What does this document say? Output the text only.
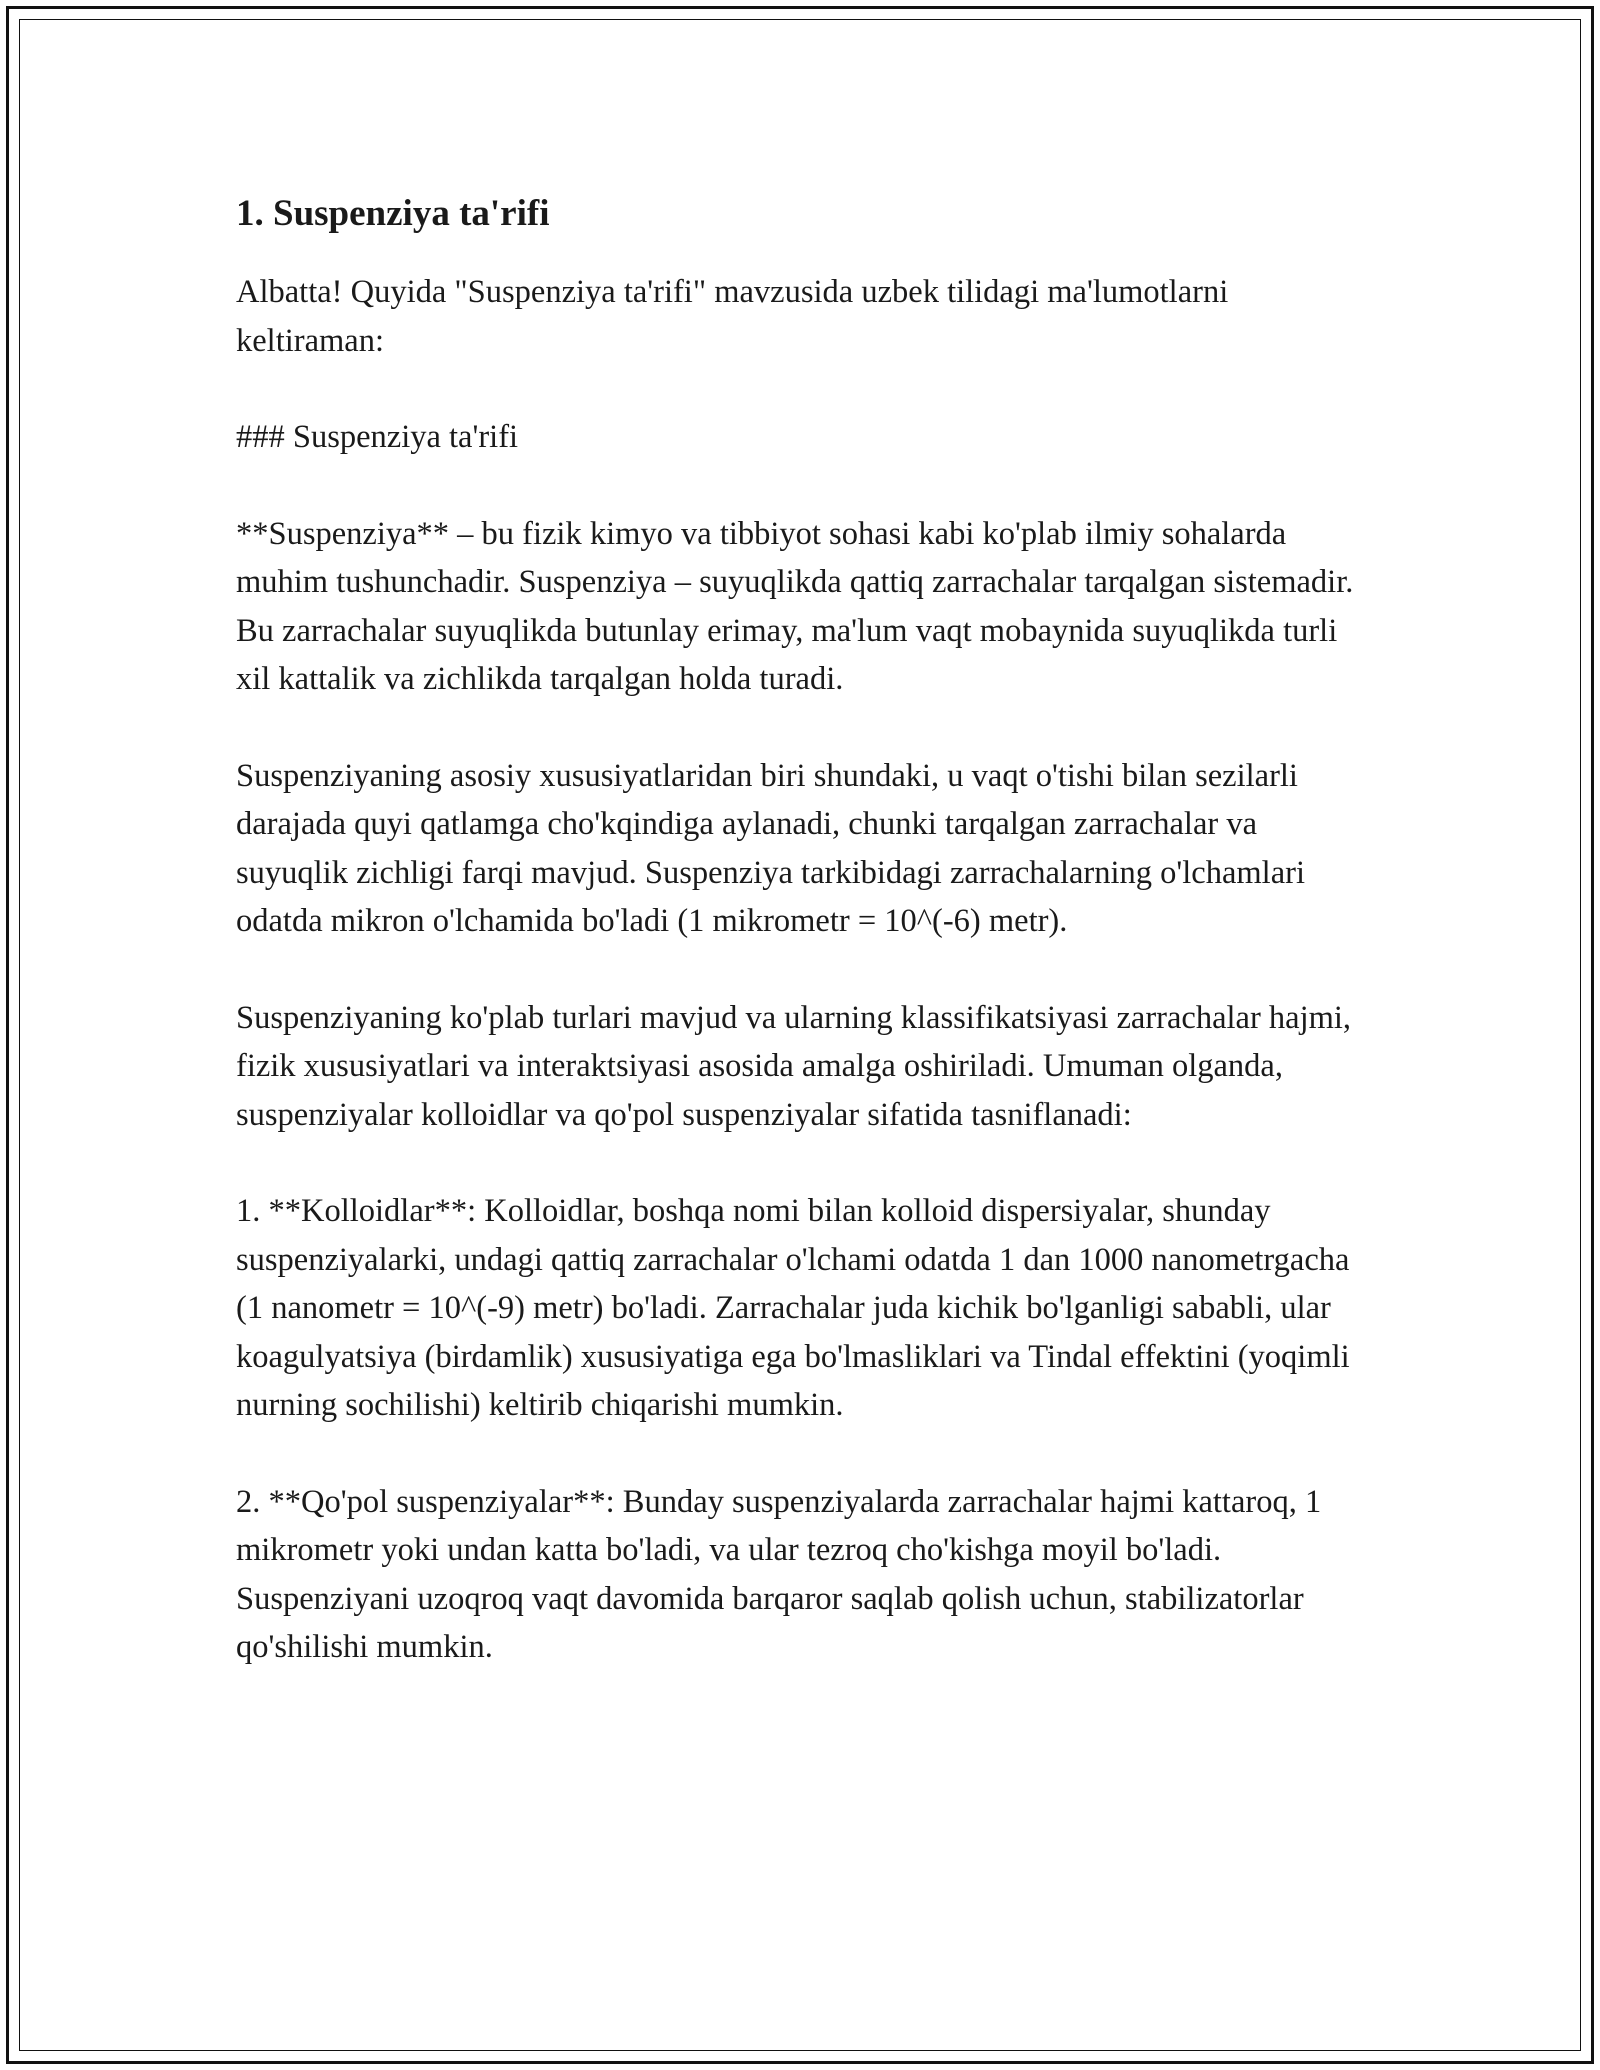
1. Suspenziya ta'rifi

Albatta! Quyida "Suspenziya ta'rifi" mavzusida uzbek tilidagi ma'lumotlarni keltiraman:

### Suspenziya ta'rifi

**Suspenziya** – bu fizik kimyo va tibbiyot sohasi kabi ko'plab ilmiy sohalarda muhim tushunchadir. Suspenziya – suyuqlikda qattiq zarrachalar tarqalgan sistemadir. Bu zarrachalar suyuqlikda butunlay erimay, ma'lum vaqt mobaynida suyuqlikda turli xil kattalik va zichlikda tarqalgan holda turadi.

Suspenziyaning asosiy xususiyatlaridan biri shundaki, u vaqt o'tishi bilan sezilarli darajada quyi qatlamga cho'kqindiga aylanadi, chunki tarqalgan zarrachalar va suyuqlik zichligi farqi mavjud. Suspenziya tarkibidagi zarrachalarning o'lchamlari odatda mikron o'lchamida bo'ladi (1 mikrometr = 10^(-6) metr).

Suspenziyaning ko'plab turlari mavjud va ularning klassifikatsiyasi zarrachalar hajmi, fizik xususiyatlari va interaktsiyasi asosida amalga oshiriladi. Umuman olganda, suspenziyalar kolloidlar va qo'pol suspenziyalar sifatida tasniflanadi:

1. **Kolloidlar**: Kolloidlar, boshqa nomi bilan kolloid dispersiyalar, shunday suspenziyalarki, undagi qattiq zarrachalar o'lchami odatda 1 dan 1000 nanometrgacha (1 nanometr = 10^(-9) metr) bo'ladi. Zarrachalar juda kichik bo'lganligi sababli, ular koagulyatsiya (birdamlik) xususiyatiga ega bo'lmasliklari va Tindal effektini (yoqimli nurning sochilishi) keltirib chiqarishi mumkin.

2. **Qo'pol suspenziyalar**: Bunday suspenziyalarda zarrachalar hajmi kattaroq, 1 mikrometr yoki undan katta bo'ladi, va ular tezroq cho'kishga moyil bo'ladi. Suspenziyani uzoqroq vaqt davomida barqaror saqlab qolish uchun, stabilizatorlar qo'shilishi mumkin.
